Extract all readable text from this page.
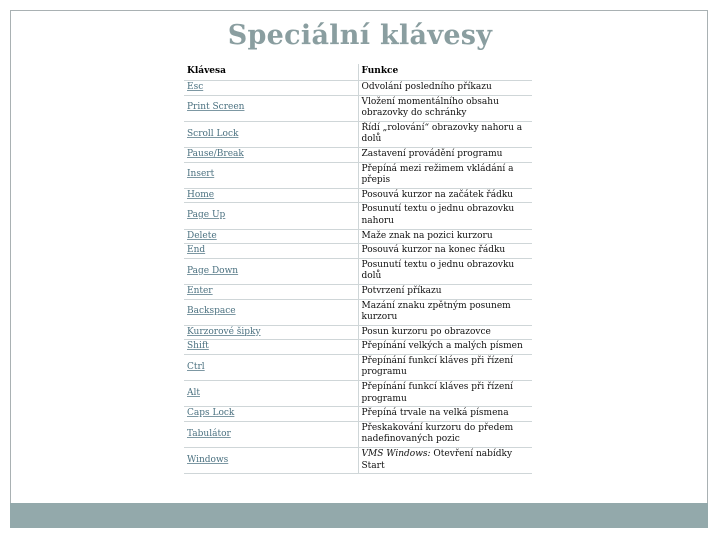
Speciální klávesy
Klávesa	Funkce
Esc	Odvolání posledního příkazu
Print Screen	Vložení momentálního obsahu obrazovky do schránky
Scroll Lock	Řídí „rolování“ obrazovky nahoru a dolů
Pause/Break	Zastavení provádění programu
Insert	Přepíná mezi režimem vkládání a přepis
Home	Posouvá kurzor na začátek řádku
Page Up	Posunutí textu o jednu obrazovku nahoru
Delete	Maže znak na pozici kurzoru
End	Posouvá kurzor na konec řádku
Page Down	Posunutí textu o jednu obrazovku dolů
Enter	Potvrzení příkazu
Backspace	Mazání znaku zpětným posunem kurzoru
Kurzorové šipky	Posun kurzoru po obrazovce
Shift	Přepínání velkých a malých písmen
Ctrl	Přepínání funkcí kláves při řízení programu
Alt	Přepínání funkcí kláves při řízení programu
Caps Lock	Přepíná trvale na velká písmena
Tabulátor	Přeskakování kurzoru do předem nadefinovaných pozic
Windows	VMS Windows: Otevření nabídky Start
